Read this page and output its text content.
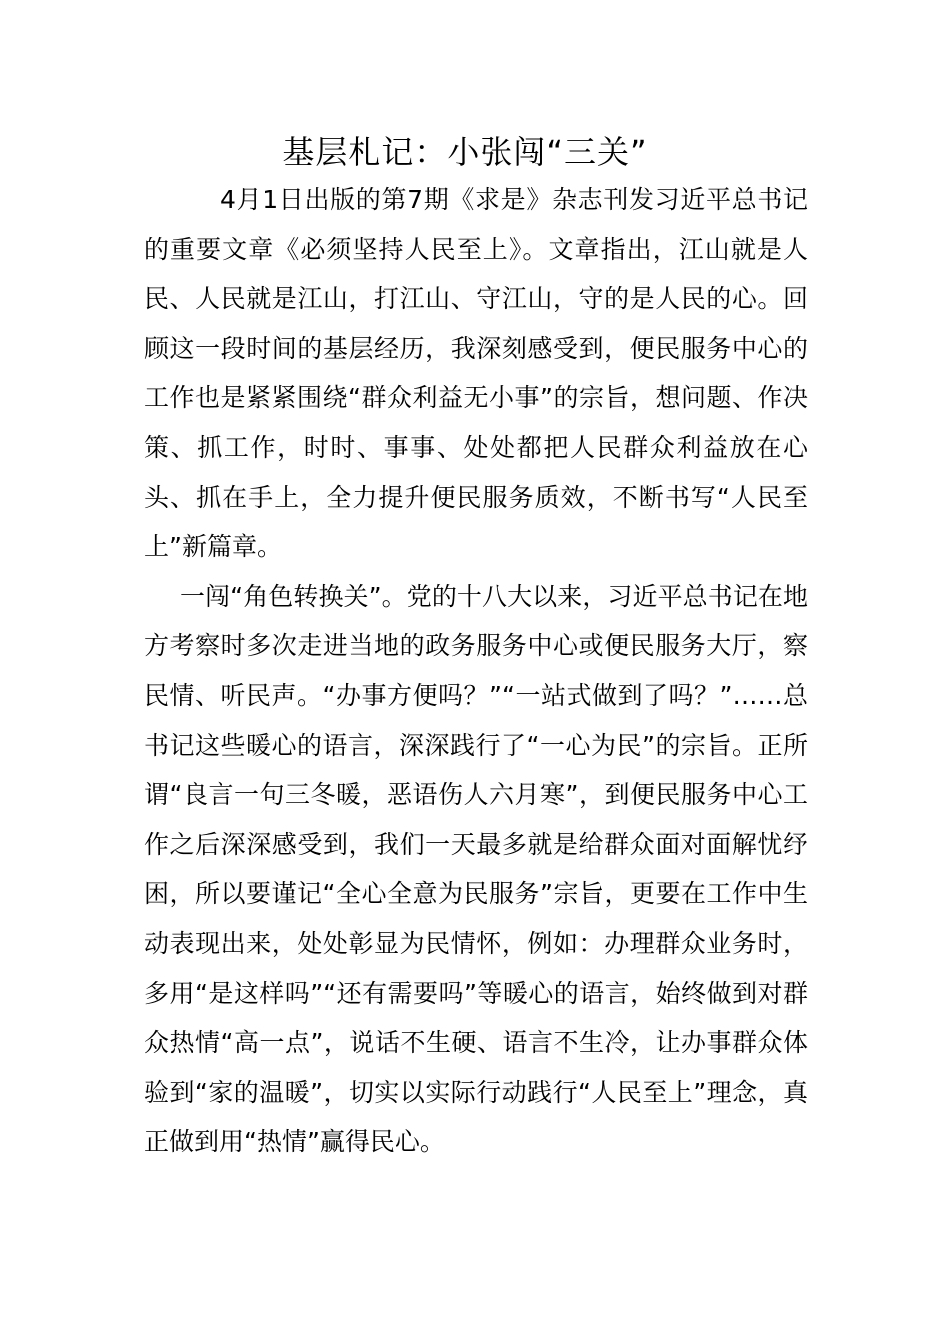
基层札记：小张闯“三关”

4月1日出版的第7期《求是》杂志刊发习近平总书记的重要文章《必须坚持人民至上》。文章指出，江山就是人民、人民就是江山，打江山、守江山，守的是人民的心。回顾这一段时间的基层经历，我深刻感受到，便民服务中心的工作也是紧紧围绕“群众利益无小事”的宗旨，想问题、作决策、抓工作，时时、事事、处处都把人民群众利益放在心头、抓在手上，全力提升便民服务质效，不断书写“人民至上”新篇章。

一闯“角色转换关”。党的十八大以来，习近平总书记在地方考察时多次走进当地的政务服务中心或便民服务大厅，察民情、听民声。“办事方便吗？”“一站式做到了吗？”……总书记这些暖心的语言，深深践行了“一心为民”的宗旨。正所谓“良言一句三冬暖，恶语伤人六月寒”，到便民服务中心工作之后深深感受到，我们一天最多就是给群众面对面解忧纾困，所以要谨记“全心全意为民服务”宗旨，更要在工作中生动表现出来，处处彰显为民情怀，例如：办理群众业务时，多用“是这样吗”“还有需要吗”等暖心的语言，始终做到对群众热情“高一点”，说话不生硬、语言不生冷，让办事群众体验到“家的温暖”，切实以实际行动践行“人民至上”理念，真正做到用“热情”赢得民心。
